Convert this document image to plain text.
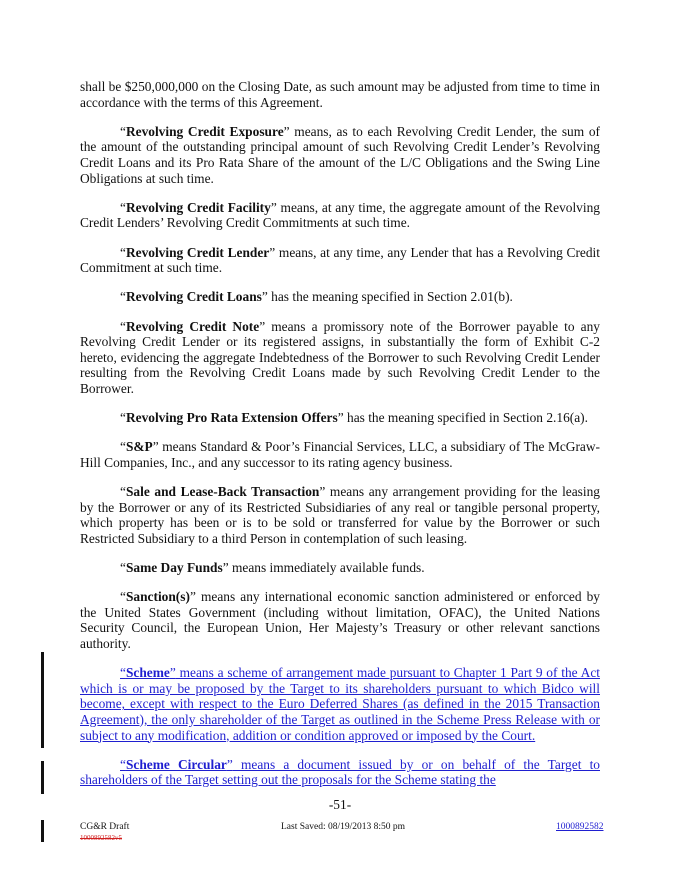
shall be $250,000,000 on the Closing Date, as such amount may be adjusted from time to time in accordance with the terms of this Agreement.

“Revolving Credit Exposure” means, as to each Revolving Credit Lender, the sum of the amount of the outstanding principal amount of such Revolving Credit Lender’s Revolving Credit Loans and its Pro Rata Share of the amount of the L/C Obligations and the Swing Line Obligations at such time.

“Revolving Credit Facility” means, at any time, the aggregate amount of the Revolving Credit Lenders’ Revolving Credit Commitments at such time.

“Revolving Credit Lender” means, at any time, any Lender that has a Revolving Credit Commitment at such time.

“Revolving Credit Loans” has the meaning specified in Section 2.01(b).

“Revolving Credit Note” means a promissory note of the Borrower payable to any Revolving Credit Lender or its registered assigns, in substantially the form of Exhibit C-2 hereto, evidencing the aggregate Indebtedness of the Borrower to such Revolving Credit Lender resulting from the Revolving Credit Loans made by such Revolving Credit Lender to the Borrower.

“Revolving Pro Rata Extension Offers” has the meaning specified in Section 2.16(a).

“S&P” means Standard & Poor’s Financial Services, LLC, a subsidiary of The McGraw-Hill Companies, Inc., and any successor to its rating agency business.

“Sale and Lease-Back Transaction” means any arrangement providing for the leasing by the Borrower or any of its Restricted Subsidiaries of any real or tangible personal property, which property has been or is to be sold or transferred for value by the Borrower or such Restricted Subsidiary to a third Person in contemplation of such leasing.

“Same Day Funds” means immediately available funds.

“Sanction(s)” means any international economic sanction administered or enforced by the United States Government (including without limitation, OFAC), the United Nations Security Council, the European Union, Her Majesty’s Treasury or other relevant sanctions authority.

“Scheme” means a scheme of arrangement made pursuant to Chapter 1 Part 9 of the Act which is or may be proposed by the Target to its shareholders pursuant to which Bidco will become, except with respect to the Euro Deferred Shares (as defined in the 2015 Transaction Agreement), the only shareholder of the Target as outlined in the Scheme Press Release with or subject to any modification, addition or condition approved or imposed by the Court.

“Scheme Circular” means a document issued by or on behalf of the Target to shareholders of the Target setting out the proposals for the Scheme stating the

-51-
CG&R Draft
1000892582v5
Last Saved: 08/19/2013 8:50 pm	1000892582
